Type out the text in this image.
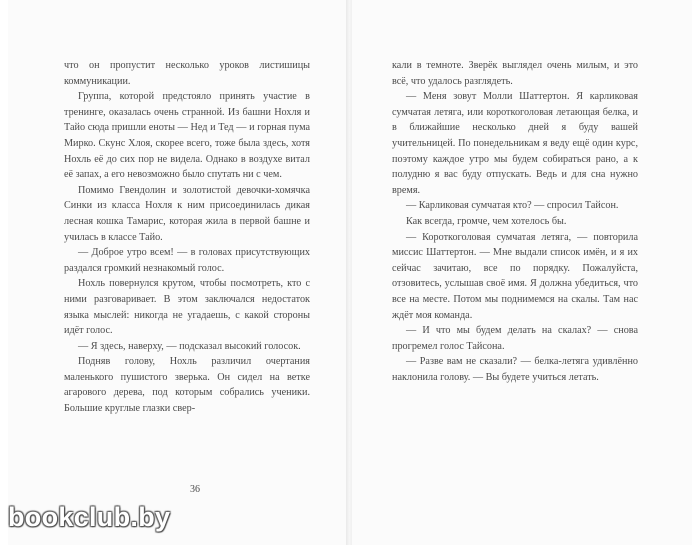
что он пропустит несколько уроков листишицы коммуникации.

Группа, которой предстояло принять участие в тренинге, оказалась очень странной. Из башни Нохля и Тайо сюда пришли еноты — Нед и Тед — и горная пума Мирко. Скунс Хлоя, скорее всего, тоже была здесь, хотя Нохль её до сих пор не видела. Однако в воздухе витал её запах, а его невозможно было спутать ни с чем.

Помимо Гвендолин и золотистой девочки-хомячка Синки из класса Нохля к ним присоединилась дикая лесная кошка Тамарис, которая жила в первой башне и училась в классе Тайо.

— Доброе утро всем! — в головах присутствующих раздался громкий незнакомый голос.

Нохль повернулся крутом, чтобы посмотреть, кто с ними разговаривает. В этом заключался недостаток языка мыслей: никогда не угадаешь, с какой стороны идёт голос.

— Я здесь, наверху, — подсказал высокий голосок.

Подняв голову, Нохль различил очертания маленького пушистого зверька. Он сидел на ветке агарового дерева, под которым собрались ученики. Большие круглые глазки свер-

36

кали в темноте. Зверёк выглядел очень милым, и это всё, что удалось разглядеть.

— Меня зовут Молли Шаттертон. Я карликовая сумчатая летяга, или короткоголовая летающая белка, и в ближайшие несколько дней я буду вашей учительницей. По понедельникам я веду ещё один курс, поэтому каждое утро мы будем собираться рано, а к полудню я вас буду отпускать. Ведь и для сна нужно время.

— Карликовая сумчатая кто? — спросил Тайсон.

Как всегда, громче, чем хотелось бы.

— Короткоголовая сумчатая летяга, — повторила миссис Шаттертон. — Мне выдали список имён, и я их сейчас зачитаю, все по порядку. Пожалуйста, отзовитесь, услышав своё имя. Я должна убедиться, что все на месте. Потом мы поднимемся на скалы. Там нас ждёт моя команда.

— И что мы будем делать на скалах? — снова прогремел голос Тайсона.

— Разве вам не сказали? — белка-летяга удивлённо наклонила голову. — Вы будете учиться летать.

bookclub.by
